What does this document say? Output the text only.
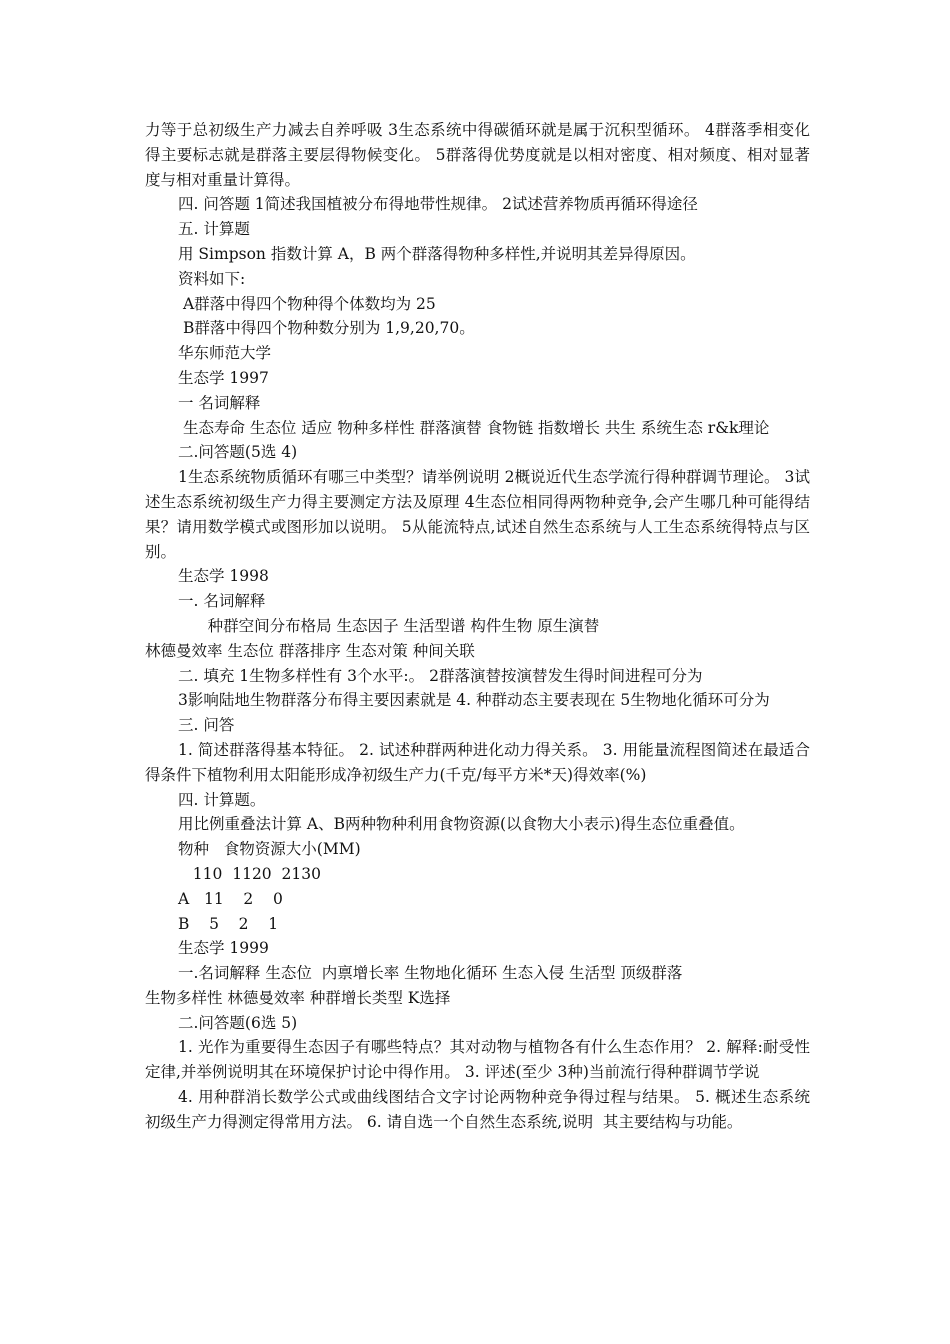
力等于总初级生产力减去自养呼吸 3生态系统中得碳循环就是属于沉积型循环。 4群落季相变化得主要标志就是群落主要层得物候变化。 5群落得优势度就是以相对密度、相对频度、相对显著度与相对重量计算得。

四. 问答题 1简述我国植被分布得地带性规律。 2试述营养物质再循环得途径

五. 计算题

用 Simpson 指数计算 A，B 两个群落得物种多样性,并说明其差异得原因。

资料如下:

A群落中得四个物种得个体数均为 25

B群落中得四个物种数分别为 1,9,20,70。

华东师范大学

生态学 1997

一 名词解释

生态寿命 生态位 适应 物种多样性 群落演替 食物链 指数增长 共生 系统生态 r&k理论

二.问答题(5选 4)

1生态系统物质循环有哪三中类型？请举例说明 2概说近代生态学流行得种群调节理论。 3试述生态系统初级生产力得主要测定方法及原理 4生态位相同得两物种竞争,会产生哪几种可能得结果？请用数学模式或图形加以说明。 5从能流特点,试述自然生态系统与人工生态系统得特点与区别。

生态学 1998

一. 名词解释

种群空间分布格局 生态因子 生活型谱 构件生物 原生演替

林德曼效率 生态位 群落排序 生态对策 种间关联

二. 填充 1生物多样性有 3个水平:。 2群落演替按演替发生得时间进程可分为

3影响陆地生物群落分布得主要因素就是 4. 种群动态主要表现在 5生物地化循环可分为

三. 问答

1. 简述群落得基本特征。 2. 试述种群两种进化动力得关系。 3. 用能量流程图简述在最适合得条件下植物利用太阳能形成净初级生产力(千克/每平方米*天)得效率(%)

四. 计算题。

用比例重叠法计算 A、B两种物种利用食物资源(以食物大小表示)得生态位重叠值。

物种   食物资源大小(MM)

110  1120  2130

A   11    2    0

B    5    2    1

生态学 1999

一.名词解释 生态位  内禀增长率 生物地化循环 生态入侵 生活型 顶级群落

生物多样性 林德曼效率 种群增长类型 K选择

二.问答题(6选 5)

1. 光作为重要得生态因子有哪些特点？其对动物与植物各有什么生态作用？ 2. 解释:耐受性定律,并举例说明其在环境保护讨论中得作用。 3. 评述(至少 3种)当前流行得种群调节学说

4. 用种群消长数学公式或曲线图结合文字讨论两物种竞争得过程与结果。 5. 概述生态系统初级生产力得测定得常用方法。 6. 请自选一个自然生态系统,说明  其主要结构与功能。
